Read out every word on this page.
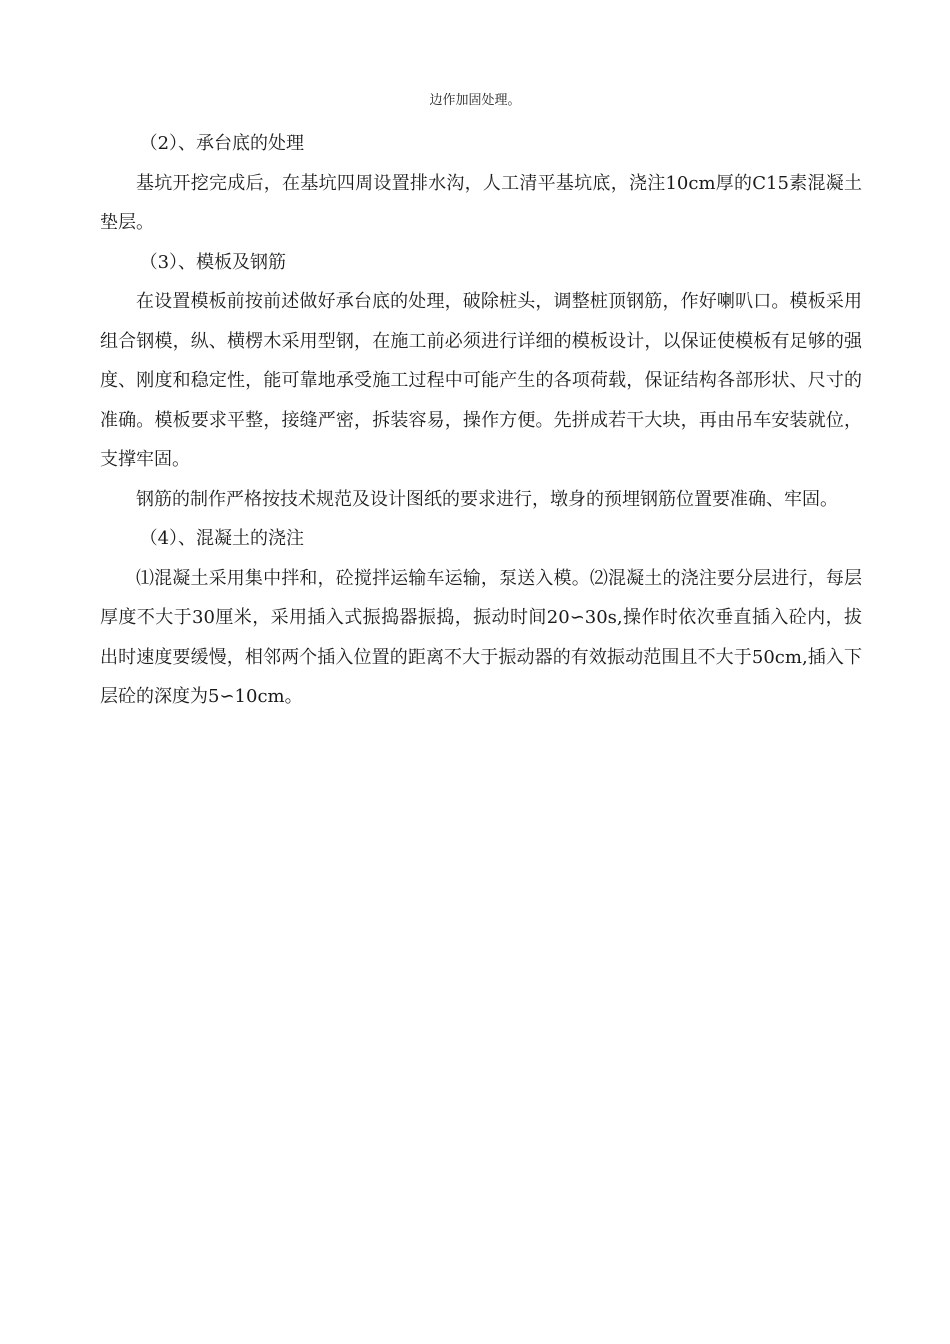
边作加固处理。

（2）、承台底的处理

基坑开挖完成后，在基坑四周设置排水沟，人工清平基坑底，浇注10cm厚的C15素混凝土垫层。

（3）、模板及钢筋

在设置模板前按前述做好承台底的处理，破除桩头，调整桩顶钢筋，作好喇叭口。模板采用组合钢模，纵、横楞木采用型钢，在施工前必须进行详细的模板设计，以保证使模板有足够的强度、刚度和稳定性，能可靠地承受施工过程中可能产生的各项荷载，保证结构各部形状、尺寸的准确。模板要求平整，接缝严密，拆装容易，操作方便。先拼成若干大块，再由吊车安装就位，支撑牢固。

钢筋的制作严格按技术规范及设计图纸的要求进行，墩身的预埋钢筋位置要准确、牢固。

（4）、混凝土的浇注

⑴混凝土采用集中拌和，砼搅拌运输车运输，泵送入模。⑵混凝土的浇注要分层进行，每层厚度不大于30厘米，采用插入式振捣器振捣，振动时间20∽30s,操作时依次垂直插入砼内，拔出时速度要缓慢，相邻两个插入位置的距离不大于振动器的有效振动范围且不大于50cm,插入下层砼的深度为5∽10cm。
